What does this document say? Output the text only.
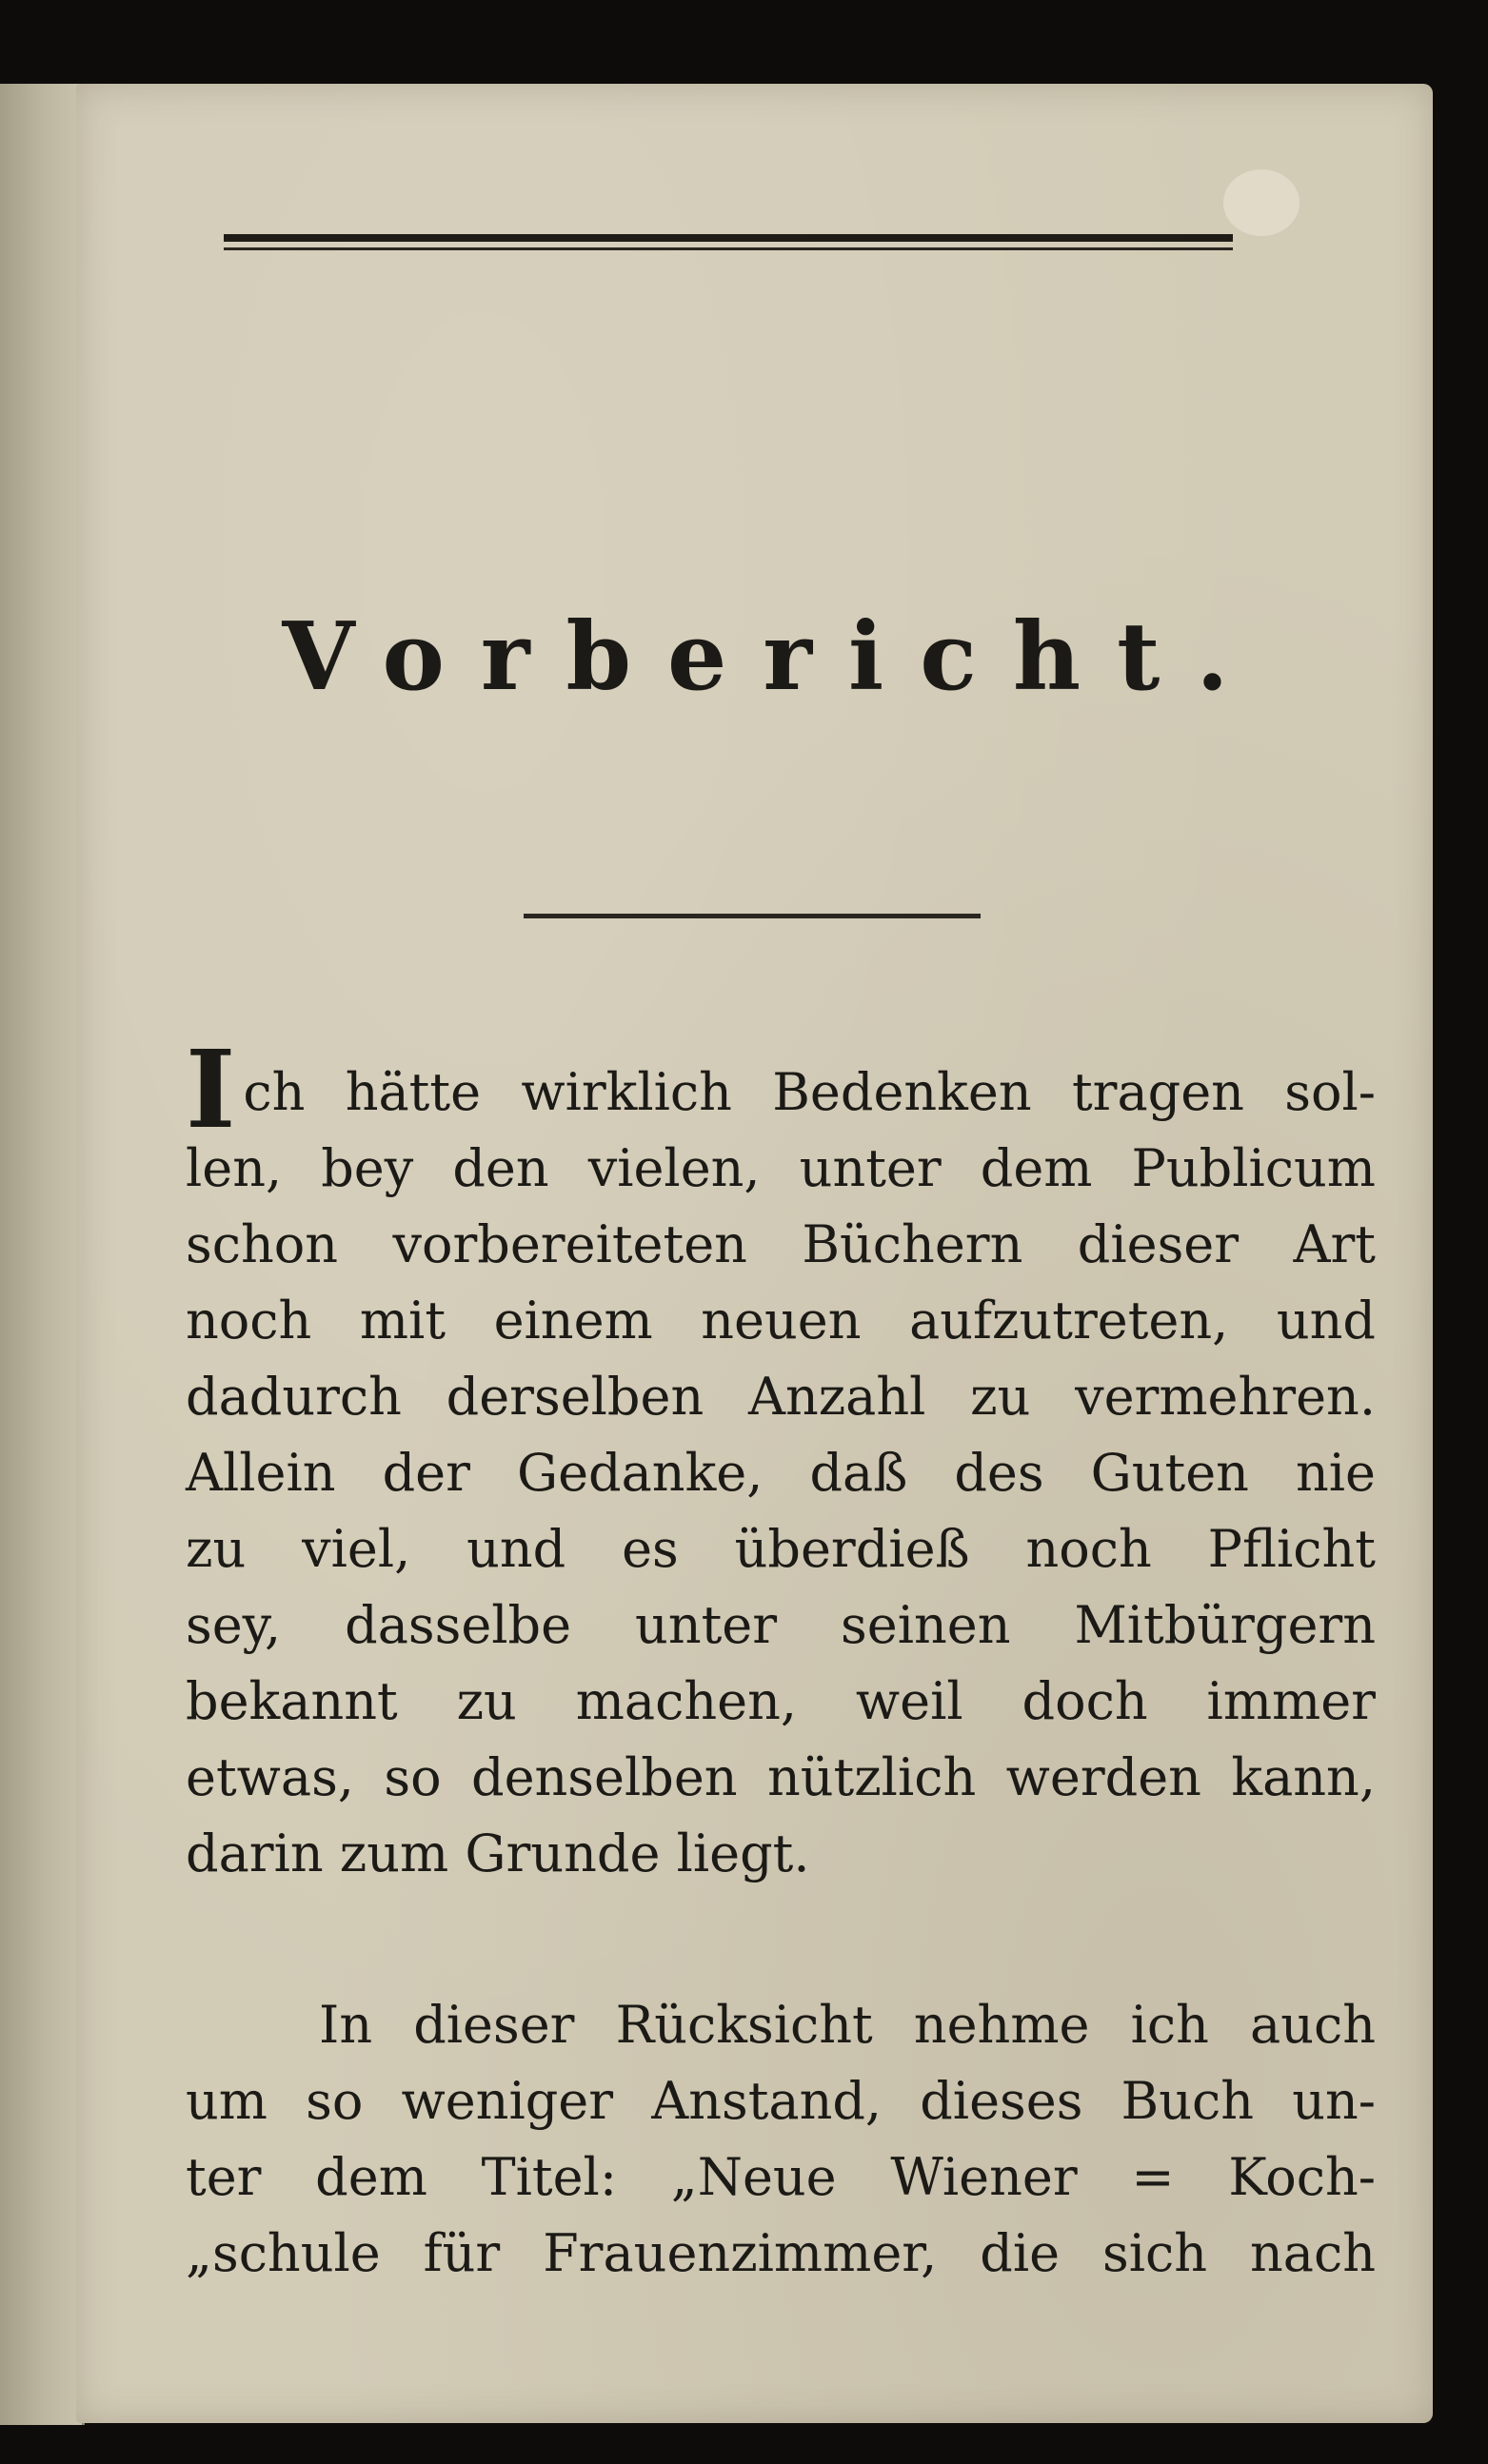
Vorbericht.
I ch hätte wirklich Bedenken tragen sol-
len, bey den vielen, unter dem Publicum
schon vorbereiteten Büchern dieser Art
noch mit einem neuen aufzutreten, und
dadurch derselben Anzahl zu vermehren.
Allein der Gedanke, daß des Guten nie
zu viel, und es überdieß noch Pflicht
sey, dasselbe unter seinen Mitbürgern
bekannt zu machen, weil doch immer
etwas, so denselben nützlich werden kann,
darin zum Grunde liegt.
In dieser Rücksicht nehme ich auch
um so weniger Anstand, dieses Buch un-
ter dem Titel: „Neue Wiener = Koch-
„schule für Frauenzimmer, die sich nach
